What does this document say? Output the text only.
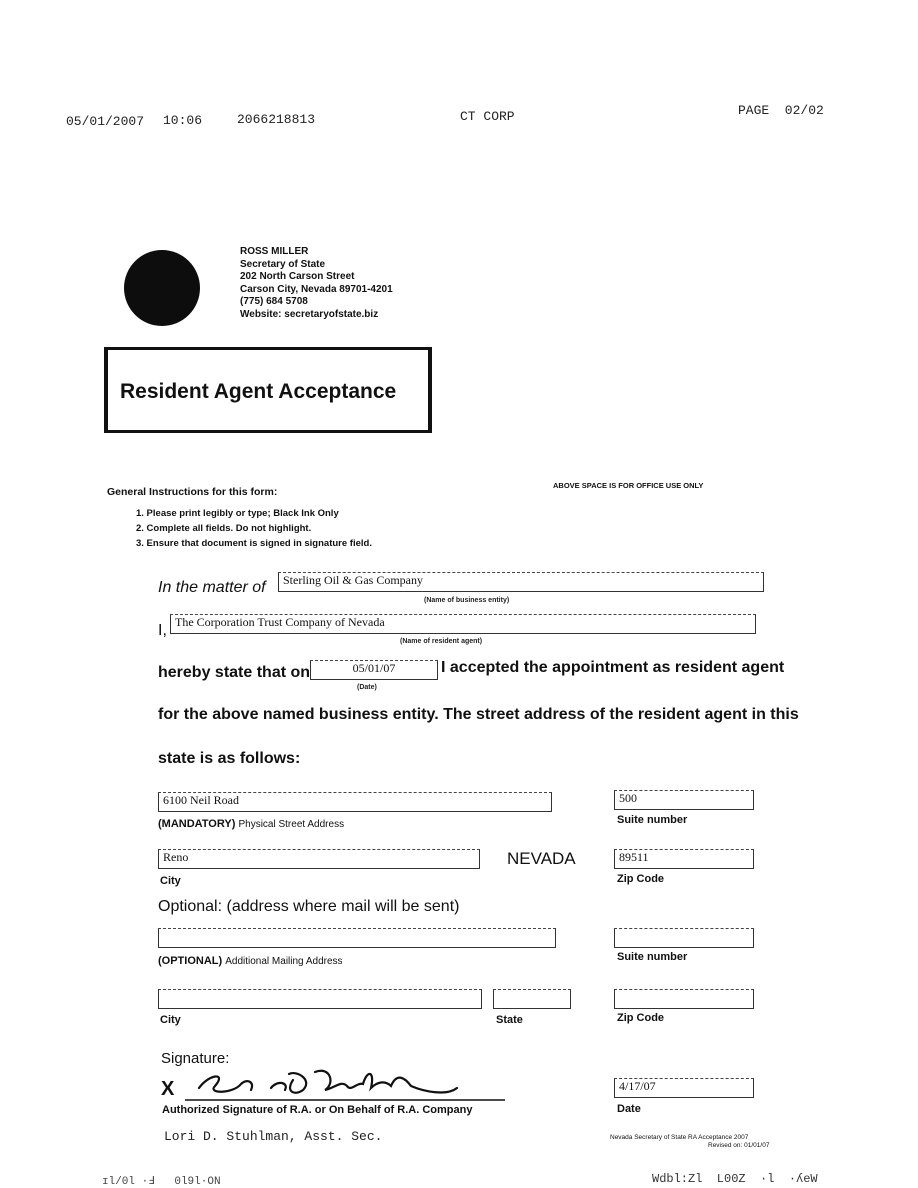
05/01/2007 10:06	2066218813	CT CORP	PAGE  02/02
ROSS MILLER
Secretary of State
202 North Carson Street
Carson City, Nevada 89701-4201
(775) 684 5708
Website: secretaryofstate.biz
Resident Agent Acceptance
ABOVE SPACE IS FOR OFFICE USE ONLY
General Instructions for this form:
1. Please print legibly or type; Black Ink Only
2. Complete all fields. Do not highlight.
3. Ensure that document is signed in signature field.
In the matter of	Sterling Oil & Gas Company
(Name of business entity)
I, The Corporation Trust Company of Nevada
(Name of resident agent)
hereby state that on	05/01/07
(Date)
I accepted the appointment as resident agent
for the above named business entity. The street address of the resident agent in this
state is as follows:
6100 Neil Road
(MANDATORY) Physical Street Address
500
Suite number
Reno
City
NEVADA	89511
Zip Code
Optional: (address where mail will be sent)
(OPTIONAL) Additional Mailing Address	Suite number
City	State	Zip Code
Signature:
X
Authorized Signature of R.A. or On Behalf of R.A. Company
4/17/07
Date
Lori D. Stuhlman, Asst. Sec.	Nevada Secretary of State RA Acceptance 2007
Revised on: 01/01/07
ɪƖ/0Ɩ ·Ⅎ   0Ɩ9Ɩ·ON	WdbƖ:ZƖ  L00Z  ·Ɩ  ·ʎeW
